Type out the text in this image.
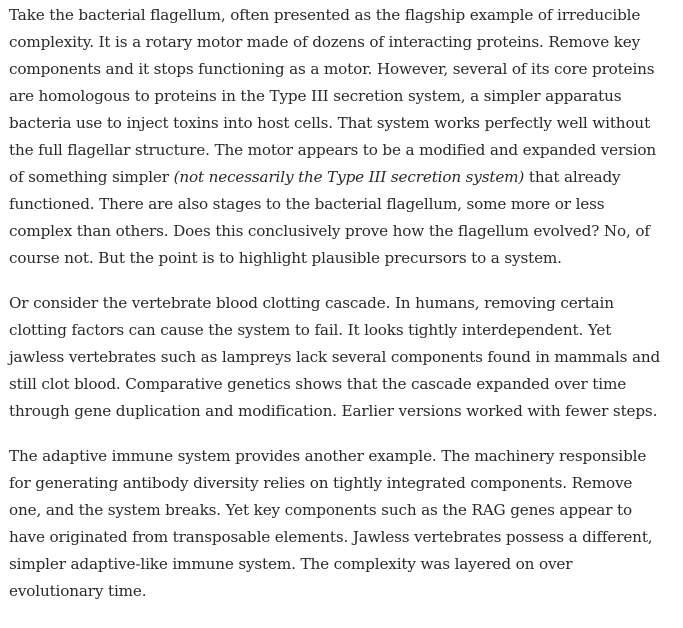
Take the bacterial flagellum, often presented as the flagship example of irreducible complexity. It is a rotary motor made of dozens of interacting proteins. Remove key components and it stops functioning as a motor. However, several of its core proteins are homologous to proteins in the Type III secretion system, a simpler apparatus bacteria use to inject toxins into host cells. That system works perfectly well without the full flagellar structure. The motor appears to be a modified and expanded version of something simpler (not necessarily the Type III secretion system) that already functioned. There are also stages to the bacterial flagellum, some more or less complex than others. Does this conclusively prove how the flagellum evolved? No, of course not. But the point is to highlight plausible precursors to a system.

Or consider the vertebrate blood clotting cascade. In humans, removing certain clotting factors can cause the system to fail. It looks tightly interdependent. Yet jawless vertebrates such as lampreys lack several components found in mammals and still clot blood. Comparative genetics shows that the cascade expanded over time through gene duplication and modification. Earlier versions worked with fewer steps.

The adaptive immune system provides another example. The machinery responsible for generating antibody diversity relies on tightly integrated components. Remove one, and the system breaks. Yet key components such as the RAG genes appear to have originated from transposable elements. Jawless vertebrates possess a different, simpler adaptive-like immune system. The complexity was layered on over evolutionary time.
